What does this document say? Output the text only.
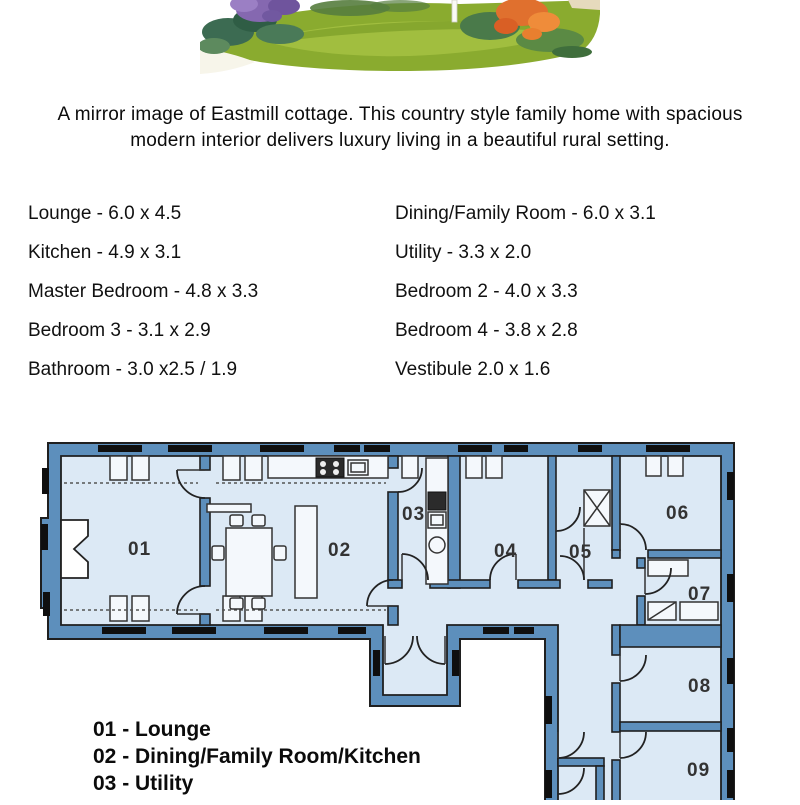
A mirror image of Eastmill cottage. This country style family home with spacious
modern interior delivers luxury living in a beautiful rural setting.
Lounge - 6.0 x 4.5
Kitchen - 4.9 x 3.1
Master Bedroom - 4.8 x 3.3
Bedroom 3 - 3.1 x 2.9
Bathroom - 3.0 x2.5 / 1.9
Dining/Family Room - 6.0 x 3.1
Utility - 3.3 x 2.0
Bedroom 2 - 4.0 x 3.3
Bedroom 4 - 3.8 x 2.8
Vestibule 2.0 x 1.6
01	02
03
04	05
06
07
08
09
01 - Lounge
02 - Dining/Family Room/Kitchen
03 - Utility
